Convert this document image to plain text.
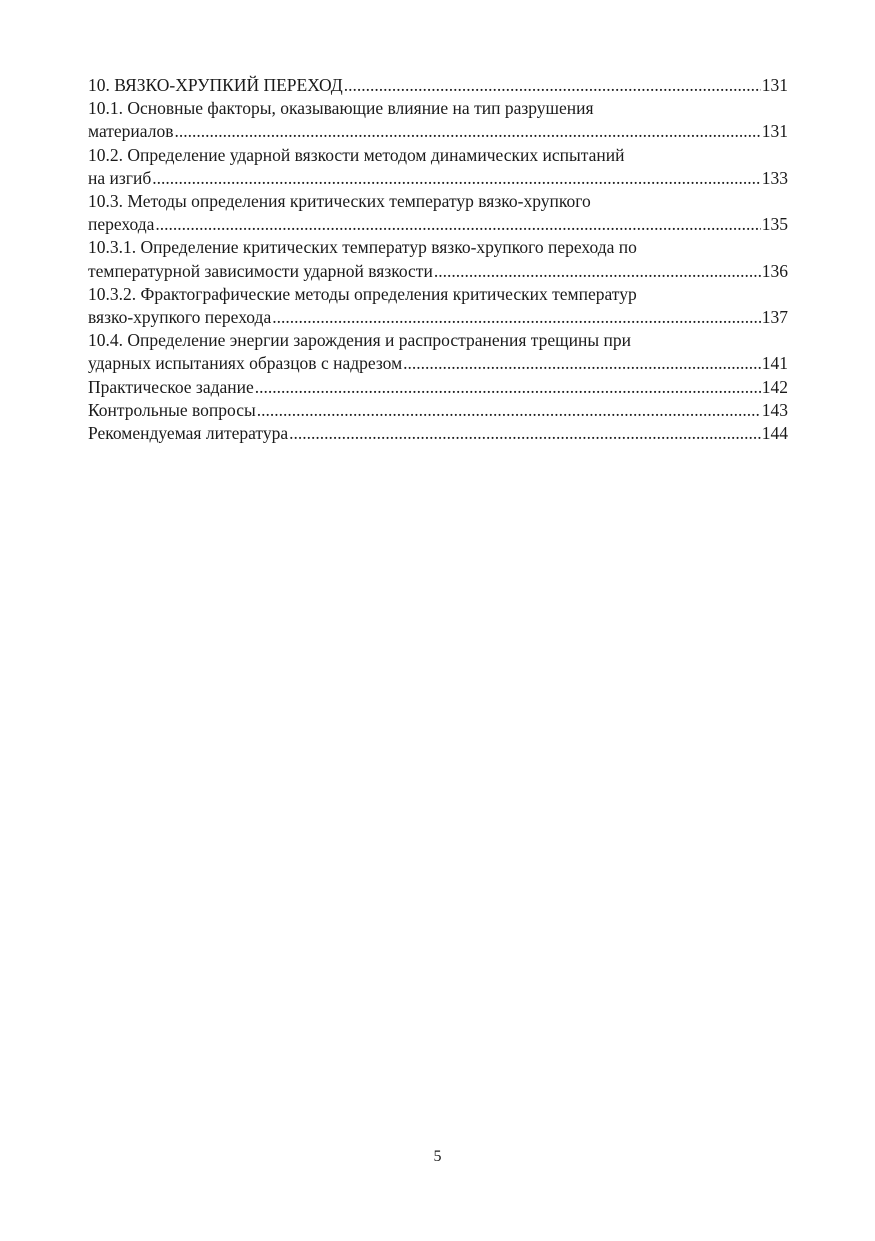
10. ВЯЗКО-ХРУПКИЙ ПЕРЕХОД .....	131
10.1. Основные факторы, оказывающие влияние на тип разрушения
материалов .....	131
10.2. Определение ударной вязкости методом динамических испытаний
на изгиб .....	133
10.3. Методы определения критических температур вязко-хрупкого
перехода .....	135
10.3.1. Определение критических температур вязко-хрупкого перехода по
температурной зависимости ударной вязкости .....	136
10.3.2. Фрактографические методы определения критических температур
вязко-хрупкого перехода .....	137
10.4. Определение энергии зарождения и распространения трещины при
ударных испытаниях образцов с надрезом .....	141
Практическое задание .....	142
Контрольные вопросы .....	143
Рекомендуемая литература .....	144
5
